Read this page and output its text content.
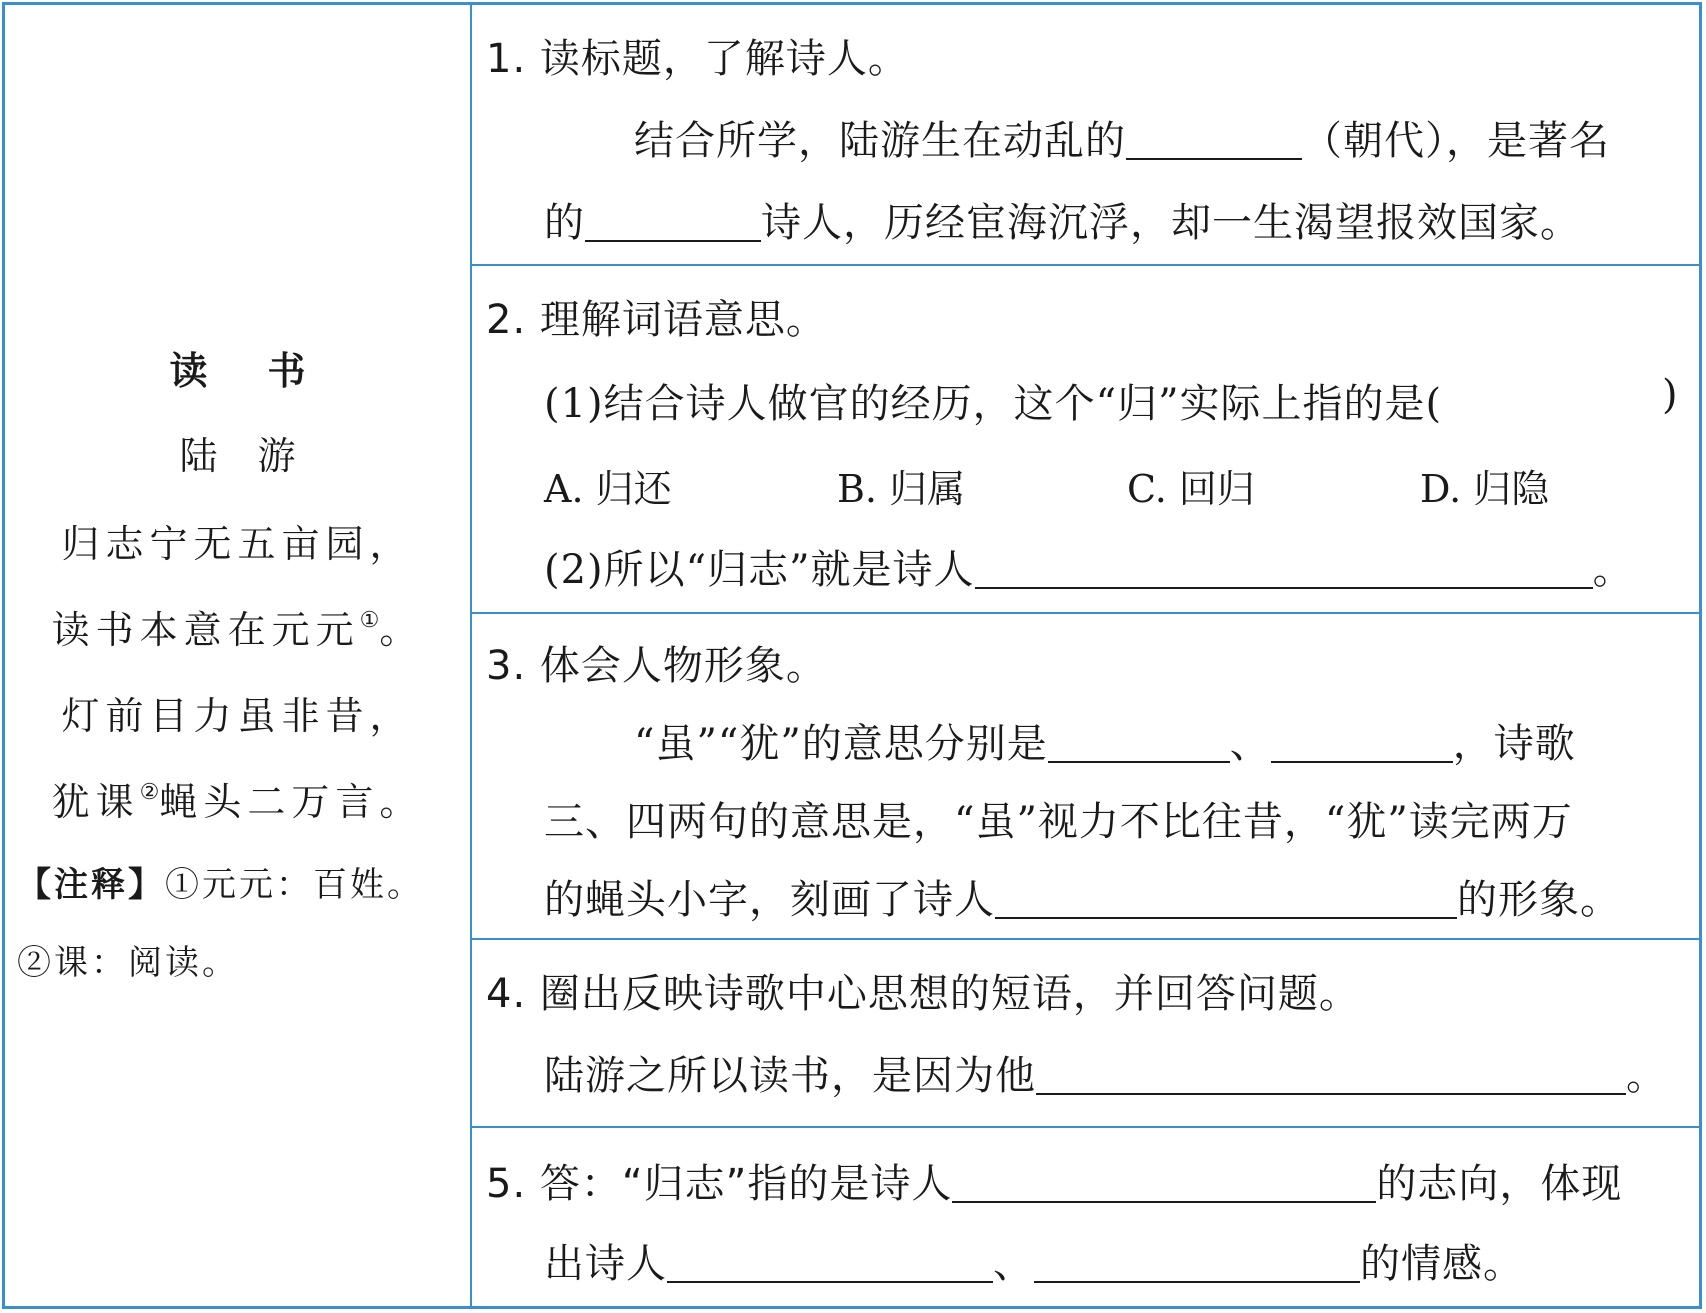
读书
陆游
归志宁无五亩园，
读书本意在元元①。
灯前目力虽非昔，
犹课②蝇头二万言。
【注释】①元元：百姓。
②课：阅读。
1. 读标题，了解诗人。
结合所学，陆游生在动乱的	（朝代），是著名
的	诗人，历经宦海沉浮，却一生渴望报效国家。
2. 理解词语意思。
(1)结合诗人做官的经历，这个“归”实际上指的是(	)
A. 归还	B. 归属	C. 回归	D. 归隐
(2)所以“归志”就是诗人	。
3. 体会人物形象。
“虽”“犹”的意思分别是	、	，诗歌
三、四两句的意思是，“虽”视力不比往昔，“犹”读完两万
的蝇头小字，刻画了诗人	的形象。
4. 圈出反映诗歌中心思想的短语，并回答问题。
陆游之所以读书，是因为他	。
5. 答：“归志”指的是诗人	的志向，体现
出诗人	、	的情感。
